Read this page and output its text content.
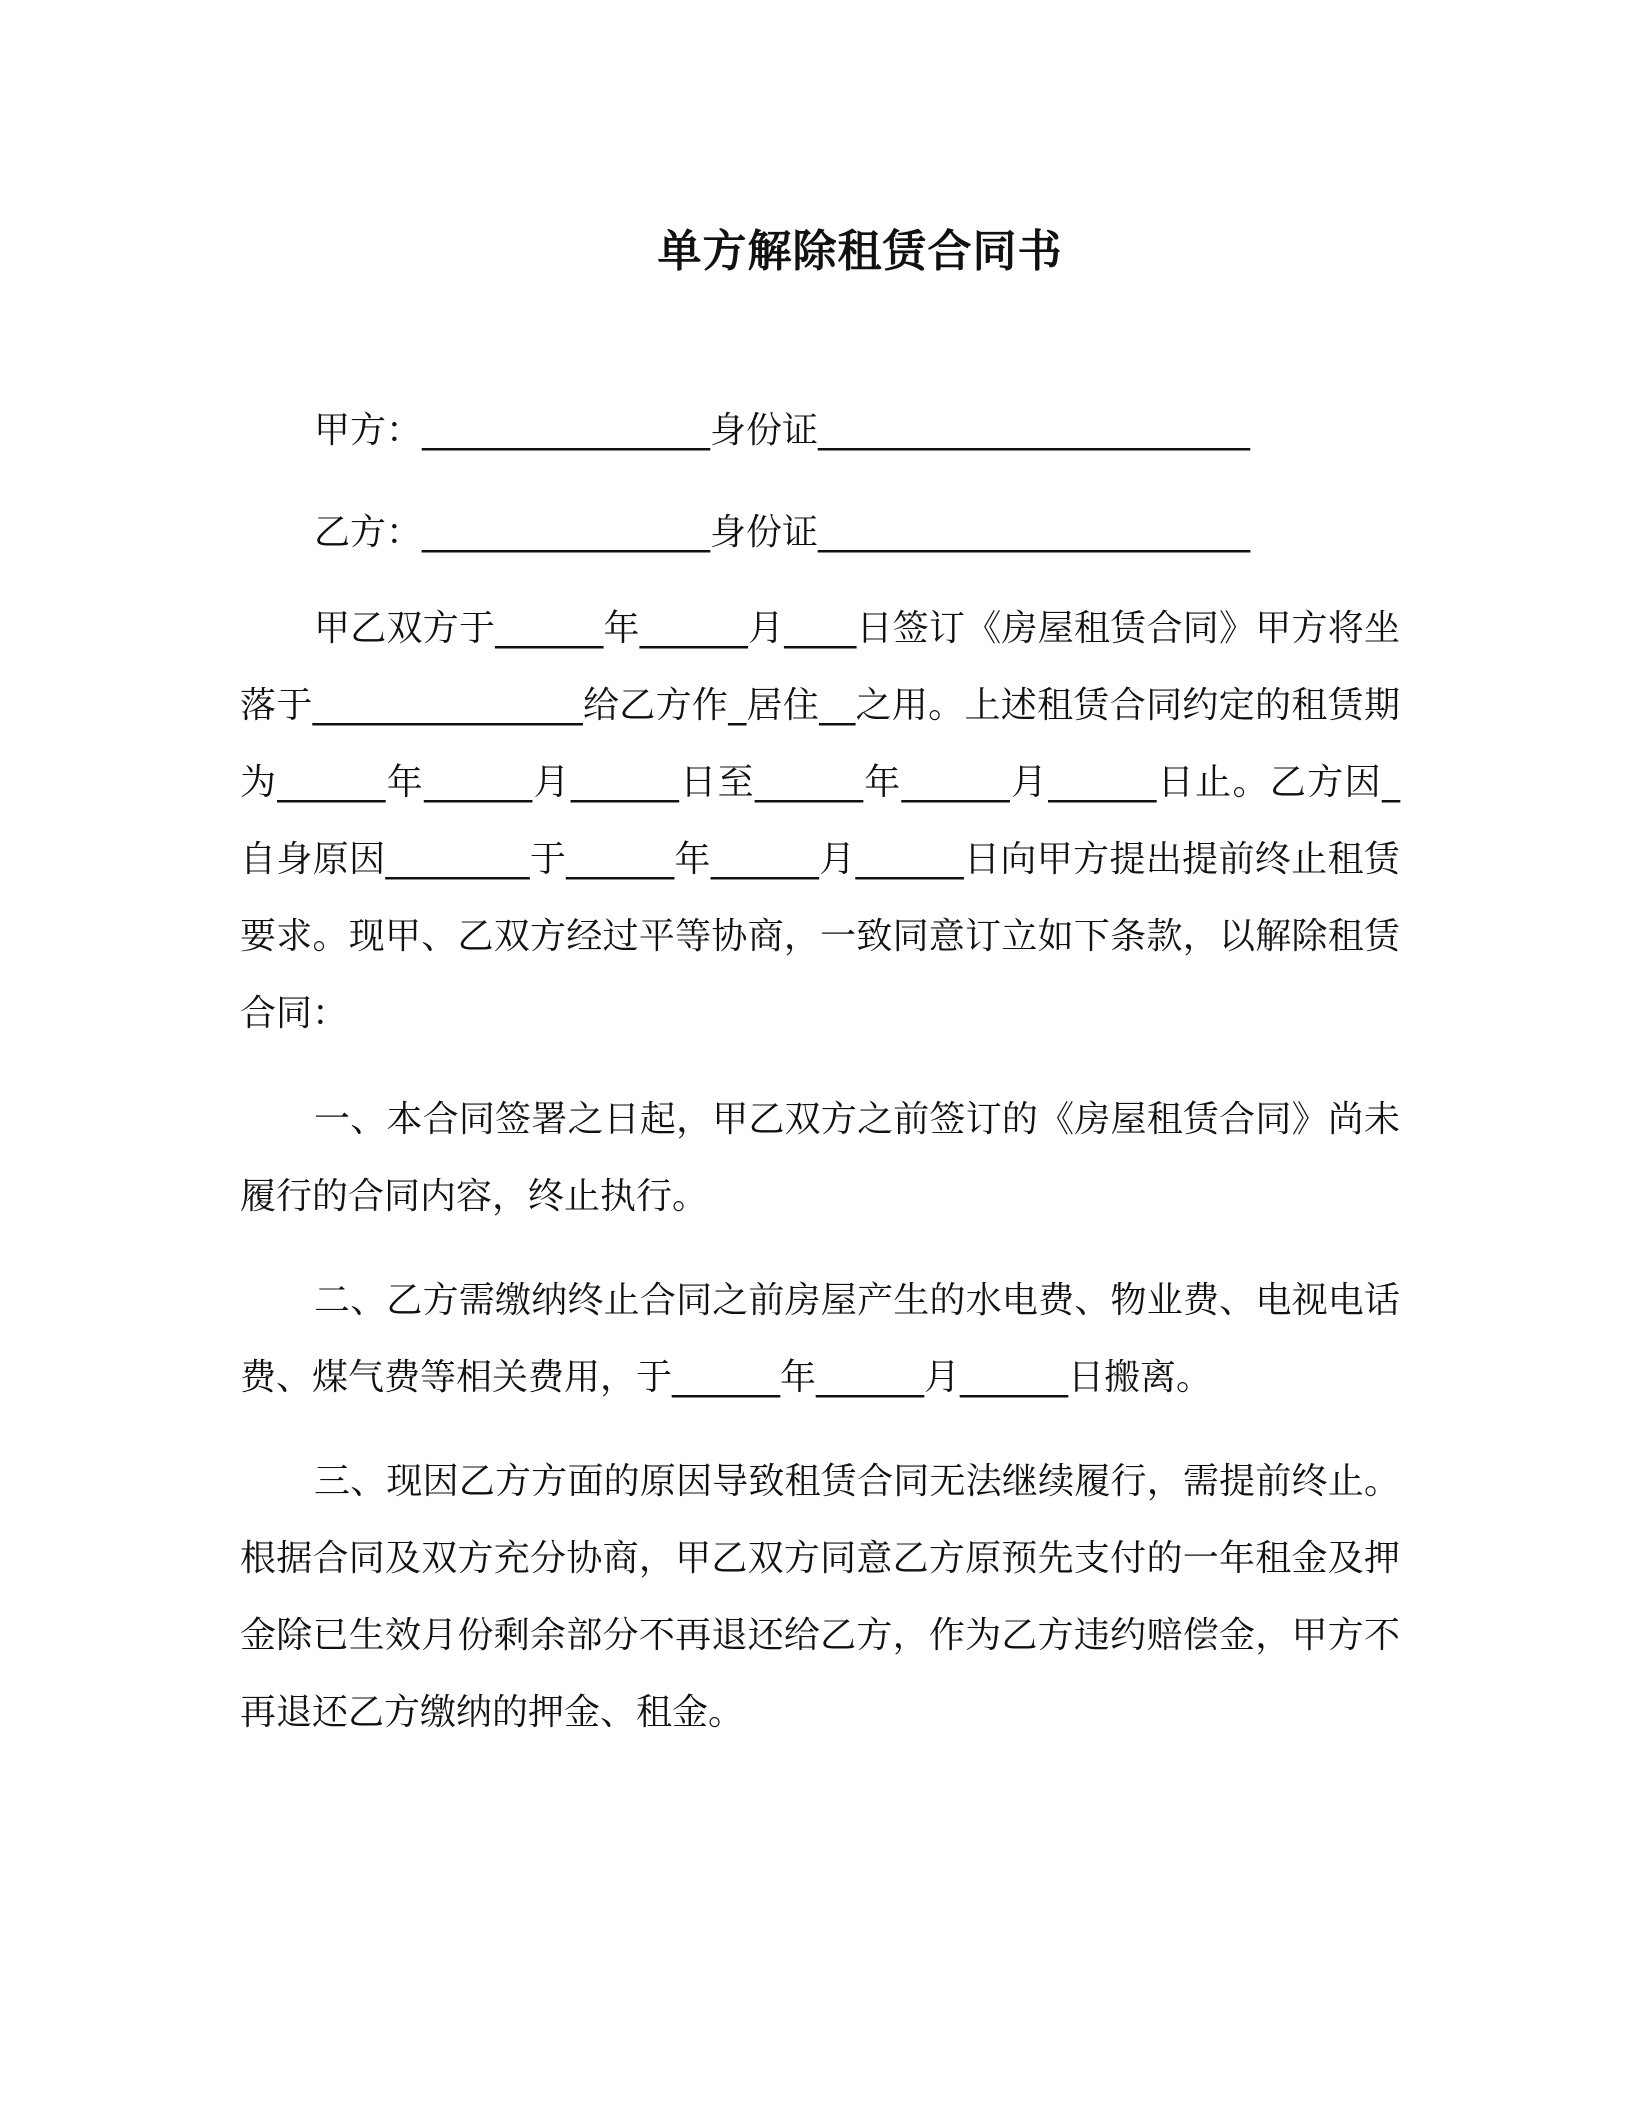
单方解除租赁合同书
甲方：________________身份证________________________
乙方：________________身份证________________________
甲乙双方于______年______月____日签订《房屋租赁合同》甲方将坐落于_______________给乙方作_居住__之用。上述租赁合同约定的租赁期为______年______月______日至______年______月______日止。乙方因_自身原因________于______年______月______日向甲方提出提前终止租赁要求。现甲、乙双方经过平等协商，一致同意订立如下条款，以解除租赁合同：
一、本合同签署之日起，甲乙双方之前签订的《房屋租赁合同》尚未履行的合同内容，终止执行。
二、乙方需缴纳终止合同之前房屋产生的水电费、物业费、电视电话费、煤气费等相关费用，于______年______月______日搬离。
三、现因乙方方面的原因导致租赁合同无法继续履行，需提前终止。根据合同及双方充分协商，甲乙双方同意乙方原预先支付的一年租金及押金除已生效月份剩余部分不再退还给乙方，作为乙方违约赔偿金，甲方不再退还乙方缴纳的押金、租金。
